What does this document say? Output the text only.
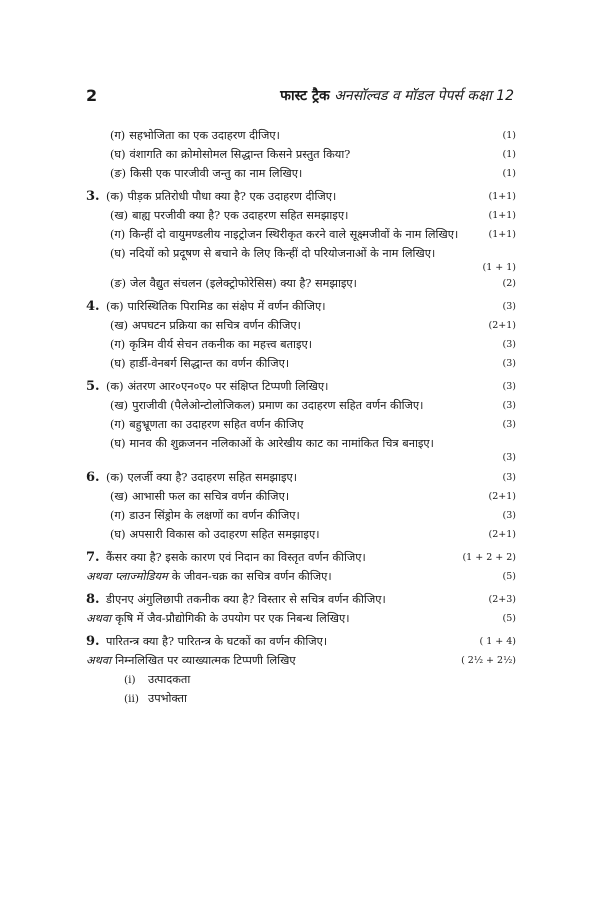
2	फास्ट ट्रैक अनसॉल्वड व मॉडल पेपर्स कक्षा 12
(ग) सहभोजिता का एक उदाहरण दीजिए।	(1)
(घ) वंशागति का क्रोमोसोमल सिद्धान्त किसने प्रस्तुत किया?	(1)
(ङ) किसी एक पारजीवी जन्तु का नाम लिखिए।	(1)
3. (क) पीड़क प्रतिरोधी पौधा क्या है? एक उदाहरण दीजिए।	(1+1)
(ख) बाह्य परजीवी क्या है? एक उदाहरण सहित समझाइए।	(1+1)
(ग) किन्हीं दो वायुमण्डलीय नाइट्रोजन स्थिरीकृत करने वाले सूक्ष्मजीवों के नाम लिखिए।	(1+1)
(घ) नदियों को प्रदूषण से बचाने के लिए किन्हीं दो परियोजनाओं के नाम लिखिए।
(1 + 1)
(ङ) जेल वैद्युत संचलन (इलेक्ट्रोफोरेसिस) क्या है? समझाइए।	(2)
4. (क) पारिस्थितिक पिरामिड का संक्षेप में वर्णन कीजिए।	(3)
(ख) अपघटन प्रक्रिया का सचित्र वर्णन कीजिए।	(2+1)
(ग) कृत्रिम वीर्य सेचन तकनीक का महत्त्व बताइए।	(3)
(घ) हार्डी-वेनबर्ग सिद्धान्त का वर्णन कीजिए।	(3)
5. (क) अंतरण आर०एन०ए० पर संक्षिप्त टिप्पणी लिखिए।	(3)
(ख) पुराजीवी (पैलेओन्टोलोजिकल) प्रमाण का उदाहरण सहित वर्णन कीजिए।	(3)
(ग) बहुभ्रूणता का उदाहरण सहित वर्णन कीजिए	(3)
(घ) मानव की शुक्रजनन नलिकाओं के आरेखीय काट का नामांकित चित्र बनाइए।
(3)
6. (क) एलर्जी क्या है? उदाहरण सहित समझाइए।	(3)
(ख) आभासी फल का सचित्र वर्णन कीजिए।	(2+1)
(ग) डाउन सिंड्रोम के लक्षणों का वर्णन कीजिए।	(3)
(घ) अपसारी विकास को उदाहरण सहित समझाइए।	(2+1)
7. कैंसर क्या है? इसके कारण एवं निदान का विस्तृत वर्णन कीजिए।	(1 + 2 + 2)
अथवा प्लाज्मोडियम के जीवन-चक्र का सचित्र वर्णन कीजिए।	(5)
8. डीएनए अंगुलिछापी तकनीक क्या है? विस्तार से सचित्र वर्णन कीजिए।	(2+3)
अथवा कृषि में जैव-प्रौद्योगिकी के उपयोग पर एक निबन्ध लिखिए।	(5)
9. पारितन्त्र क्या है? पारितन्त्र के घटकों का वर्णन कीजिए।	( 1 + 4)
अथवा निम्नलिखित पर व्याख्यात्मक टिप्पणी लिखिए	( 2½ + 2½)
(i) उत्पादकता
(ii) उपभोक्ता
